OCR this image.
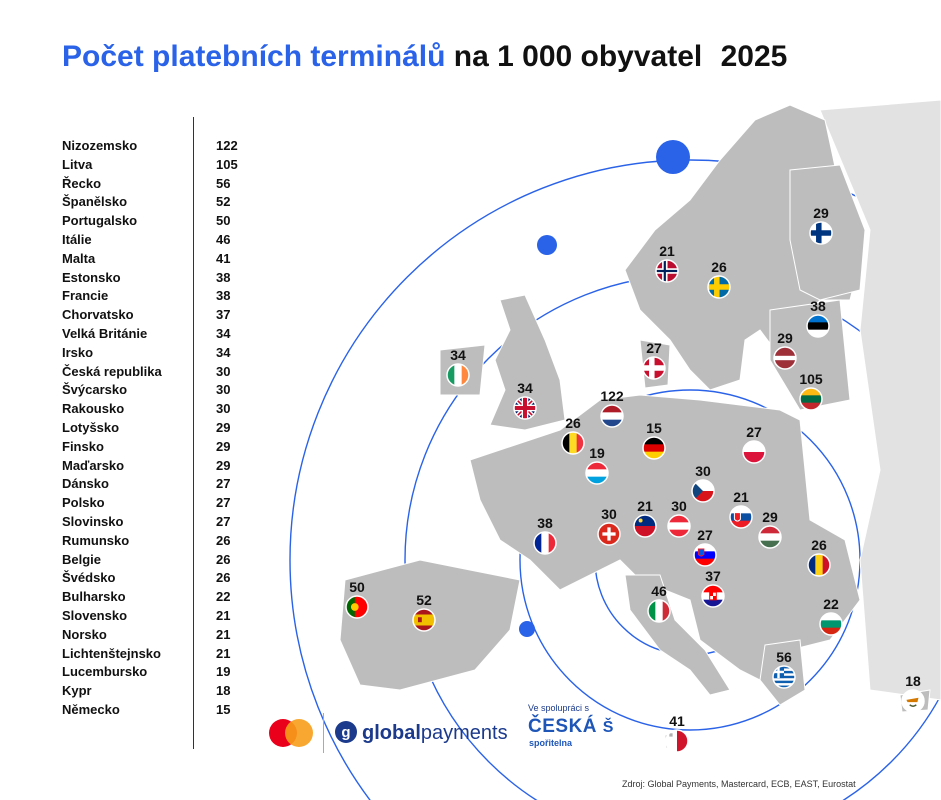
Počet platebních terminálů na 1 000 obyvatel 2025
21
26
29
38
29
105
27
34
34	122
26	15
19
27
30
21
38
30 21 30
29
27
26
37
50
52
46
22
56
18
41
Nizozemsko	122
Litva	105
Řecko	56
Španělsko	52
Portugalsko	50
Itálie	46
Malta	41
Estonsko	38
Francie	38
Chorvatsko	37
Velká Británie	34
Irsko	34
Česká republika	30
Švýcarsko	30
Rakousko	30
Lotyšsko	29
Finsko	29
Maďarsko	29
Dánsko	27
Polsko	27
Slovinsko	27
Rumunsko	26
Belgie	26
Švédsko	26
Bulharsko	22
Slovensko	21
Norsko	21
Lichtenštejnsko	21
Lucembursko	19
Kypr	18
Německo	15
g globalpayments
Ve spolupráci s
ČESKÁ Š
spořitelna
Zdroj: Global Payments, Mastercard, ECB, EAST, Eurostat
